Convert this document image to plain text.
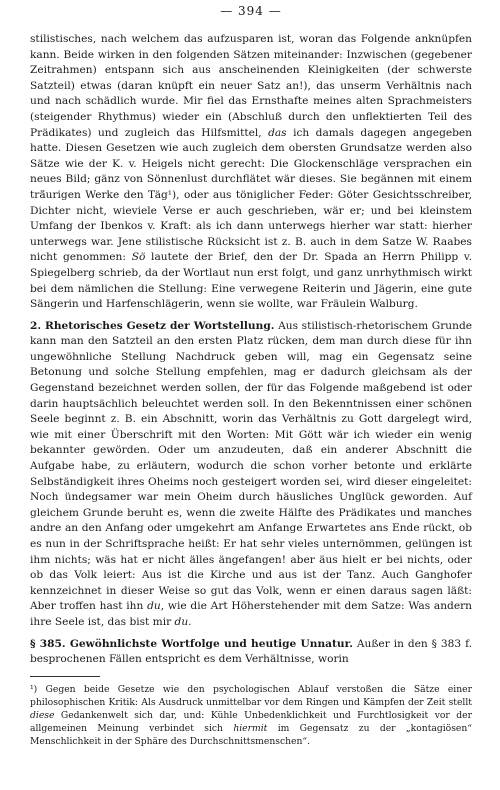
— 394 —

stilistisches, nach welchem das aufzusparen ist, woran das Folgende anknüpfen kann. Beide wirken in den folgenden Sätzen miteinander: Inzwischen (gegebener Zeitrahmen) entspann sich aus anscheinenden Kleinigkeiten (der schwerste Satzteil) etwas (daran knüpft ein neuer Satz an!), das unserm Verhältnis nach und nach schädlich wurde. Mir fiel das Ernsthafte meines alten Sprachmeisters (steigender Rhythmus) wieder ein (Abschluß durch den unflektierten Teil des Prädikates) und zugleich das Hilfsmittel, das ich damals dagegen angegeben hatte. Diesen Gesetzen wie auch zugleich dem obersten Grundsatze werden also Sätze wie der K. v. Heigels nicht gerecht: Die Glockenschläge versprachen ein neues Bild; gänz von Sönnenlust durchflätet wär dieses. Sie begännen mit einem trä̈urigen Werke den Täg¹), oder aus töniglicher Feder: Göter Gesichtsschreiber, Dichter nicht, wieviele Verse er auch geschrieben, wär er; und bei kleinstem Umfang der Ibenkos v. Kraft: als ich dann unterwegs hierher war statt: hierher unterwegs war. Jene stilistische Rücksicht ist z. B. auch in dem Satze W. Raabes nicht genommen: Sö lautete der Brief, den der Dr. Spada an Herrn Philipp v. Spiegelberg schrieb, da der Wortlaut nun erst folgt, und ganz unrhythmisch wirkt bei dem nämlichen die Stellung: Eine verwegene Reiterin und Jägerin, eine gute Sängerin und Harfenschlägerin, wenn sie wollte, war Fräulein Walburg.

2. Rhetorisches Gesetz der Wortstellung. Aus stilistisch-rhetorischem Grunde kann man den Satzteil an den ersten Platz rücken, dem man durch diese für ihn ungewöhnliche Stellung Nachdruck geben will, mag ein Gegensatz seine Betonung und solche Stellung empfehlen, mag er dadurch gleichsam als der Gegenstand bezeichnet werden sollen, der für das Folgende maßgebend ist oder darin hauptsächlich beleuchtet werden soll. In den Bekenntnissen einer schönen Seele beginnt z. B. ein Abschnitt, worin das Verhältnis zu Gott dargelegt wird, wie mit einer Überschrift mit den Worten: Mit Gött wär ich wieder ein wenig bekannter gewörden. Oder um anzudeuten, daß ein anderer Abschnitt die Aufgabe habe, zu erläutern, wodurch die schon vorher betonte und erklärte Selbständigkeit ihres Oheims noch gesteigert worden sei, wird dieser eingeleitet: Noch ündegsamer war mein Oheim durch häusliches Unglück geworden. Auf gleichem Grunde beruht es, wenn die zweite Hälfte des Prädikates und manches andre an den Anfang oder umgekehrt am Anfange Erwartetes ans Ende rückt, ob es nun in der Schriftsprache heißt: Er hat sehr vieles unternömmen, gelüngen ist ihm nichts; wäs hat er nicht älles ängefangen! aber äus hielt er bei nichts, oder ob das Volk leiert: Aus ist die Kirche und aus ist der Tanz. Auch Ganghofer kennzeichnet in dieser Weise so gut das Volk, wenn er einen daraus sagen läßt: Aber troffen hast ihn du, wie die Art Höherstehender mit dem Satze: Was andern ihre Seele ist, das bist mir du.

§ 385. Gewöhnlichste Wortfolge und heutige Unnatur. Außer in den § 383 f. besprochenen Fällen entspricht es dem Verhältnisse, worin

¹) Gegen beide Gesetze wie den psychologischen Ablauf verstoßen die Sätze einer philosophischen Kritik: Als Ausdruck unmittelbar vor dem Ringen und Kämpfen der Zeit stellt diese Gedankenwelt sich dar, und: Kühle Unbedenklichkeit und Furchtlosigkeit vor der allgemeinen Meinung verbindet sich hiermit im Gegensatz zu der „kontagiösen“ Menschlichkeit in der Sphäre des Durchschnittsmenschen“.
